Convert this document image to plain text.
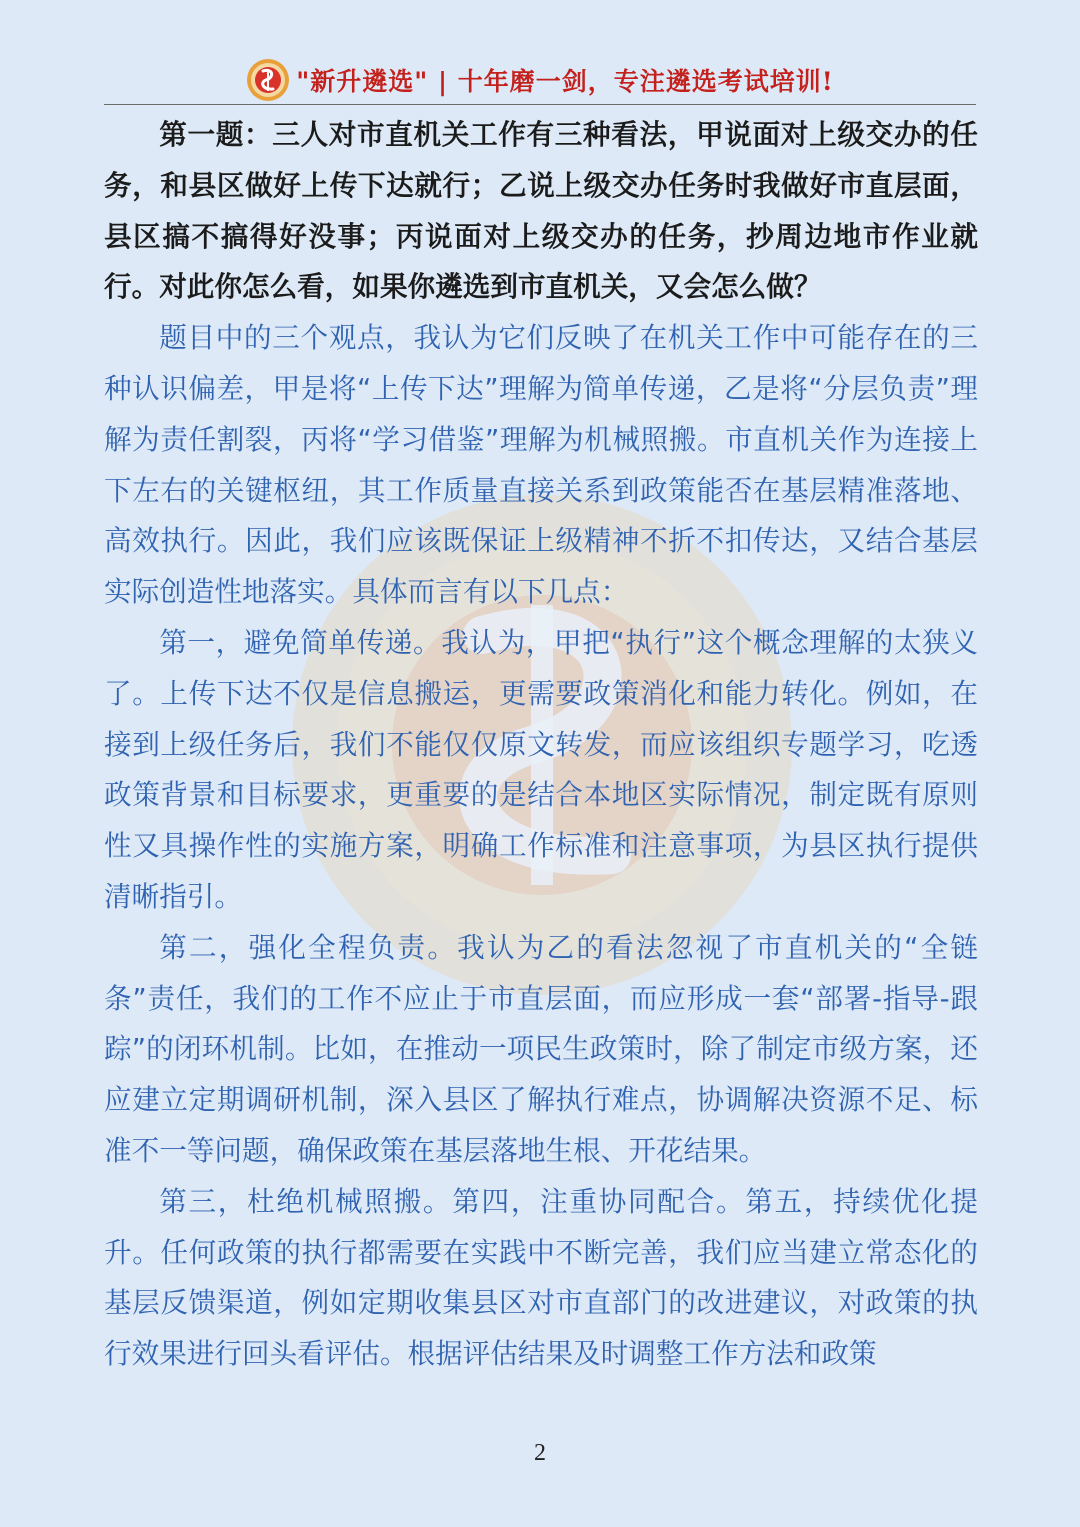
"新升遴选" | 十年磨一剑，专注遴选考试培训!

第一题：三人对市直机关工作有三种看法，甲说面对上级交办的任务，和县区做好上传下达就行；乙说上级交办任务时我做好市直层面，县区搞不搞得好没事；丙说面对上级交办的任务，抄周边地市作业就行。对此你怎么看，如果你遴选到市直机关，又会怎么做？

题目中的三个观点，我认为它们反映了在机关工作中可能存在的三种认识偏差，甲是将“上传下达”理解为简单传递，乙是将“分层负责”理解为责任割裂，丙将“学习借鉴”理解为机械照搬。市直机关作为连接上下左右的关键枢纽，其工作质量直接关系到政策能否在基层精准落地、高效执行。因此，我们应该既保证上级精神不折不扣传达，又结合基层实际创造性地落实。具体而言有以下几点：

第一，避免简单传递。我认为，甲把“执行”这个概念理解的太狭义了。上传下达不仅是信息搬运，更需要政策消化和能力转化。例如，在接到上级任务后，我们不能仅仅原文转发，而应该组织专题学习，吃透政策背景和目标要求，更重要的是结合本地区实际情况，制定既有原则性又具操作性的实施方案，明确工作标准和注意事项，为县区执行提供清晰指引。

第二，强化全程负责。我认为乙的看法忽视了市直机关的“全链条”责任，我们的工作不应止于市直层面，而应形成一套“部署-指导-跟踪”的闭环机制。比如，在推动一项民生政策时，除了制定市级方案，还应建立定期调研机制，深入县区了解执行难点，协调解决资源不足、标准不一等问题，确保政策在基层落地生根、开花结果。

第三，杜绝机械照搬。第四，注重协同配合。第五，持续优化提升。任何政策的执行都需要在实践中不断完善，我们应当建立常态化的基层反馈渠道，例如定期收集县区对市直部门的改进建议，对政策的执行效果进行回头看评估。根据评估结果及时调整工作方法和政策

2
